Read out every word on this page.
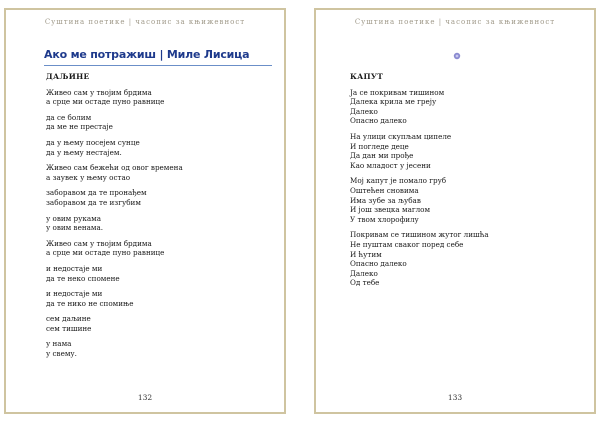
Суштина поетике | часопис за књижевност
Ако ме потражиш | Миле Лисица
ДАЉИНЕ
Живео сам у твојим брдима
а срце ми остаде пуно равнице
да се болим
да ме не престаје
да у њему посејем сунце
да у њему нестајем.
Живео сам бежећи од овог времена
а заувек у њему остао
заборавом да те пронађем
заборавом да те изгубим
у овим рукама
у овим венама.
Живео сам у твојим брдима
а срце ми остаде пуно равнице
и недостаје ми
да те неко спомене
и недостаје ми
да те нико не спомиње
сем даљине
сем тишине
у нама
у свему.
132
Суштина поетике | часопис за књижевност
КАПУТ
Ја се покривам тишином
Далека крила ме греју
Далеко
Опасно далеко
На улици скупљам ципеле
И погледе деце
Да дан ми прође
Као младост у јесени
Мој капут је помало груб
Оштећен сновима
Има зубе за љубав
И још звецка маглом
У твом хлорофилу
Покривам се тишином жутог лишћа
Не пуштам сваког поред себе
И ћутим
Опасно далеко
Далеко
Од тебе
133
